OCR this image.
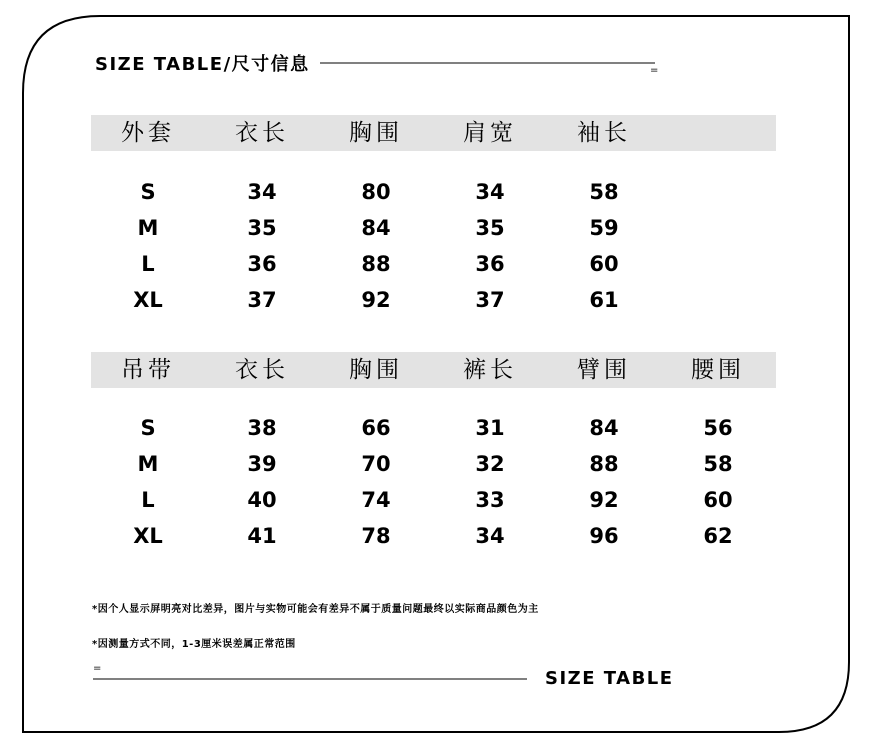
SIZE TABLE/尺寸信息	=
外套	衣长	胸围	肩宽	袖长
S	34	80	34	58
M	35	84	35	59
L	36	88	36	60
XL	37	92	37	61
吊带	衣长	胸围	裤长	臂围	腰围
S	38	66	31	84	56
M	39	70	32	88	58
L	40	74	33	92	60
XL	41	78	34	96	62
*因个人显示屏明亮对比差异，图片与实物可能会有差异不属于质量问题最终以实际商品颜色为主
*因测量方式不同，1-3厘米误差属正常范围
=	SIZE TABLE
